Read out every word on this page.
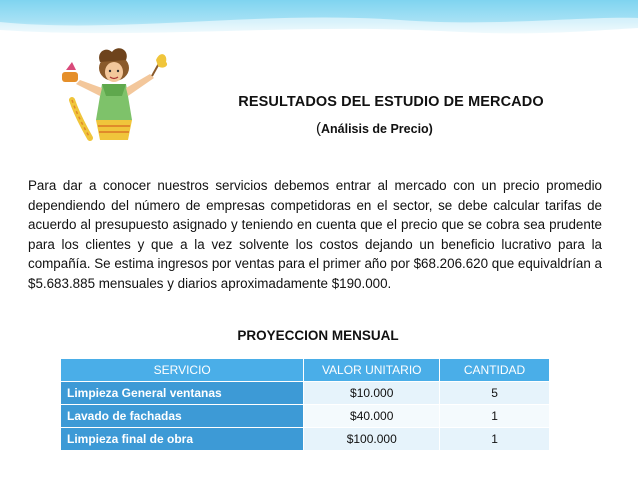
RESULTADOS DEL ESTUDIO DE MERCADO
(Análisis de Precio)
Para dar a conocer nuestros servicios debemos entrar al mercado con un precio promedio dependiendo del número de empresas competidoras en el sector, se debe calcular tarifas de acuerdo al presupuesto asignado y teniendo en cuenta que el precio que se cobra sea prudente para los clientes y que a la vez solvente los costos dejando un beneficio lucrativo para la compañía. Se estima ingresos por ventas para el primer año por $68.206.620 que equivaldrían a $5.683.885 mensuales y diarios aproximadamente $190.000.
PROYECCION MENSUAL
SERVICIO	VALOR UNITARIO	CANTIDAD
Limpieza General ventanas	$10.000	5
Lavado de fachadas	$40.000	1
Limpieza final de obra	$100.000	1
